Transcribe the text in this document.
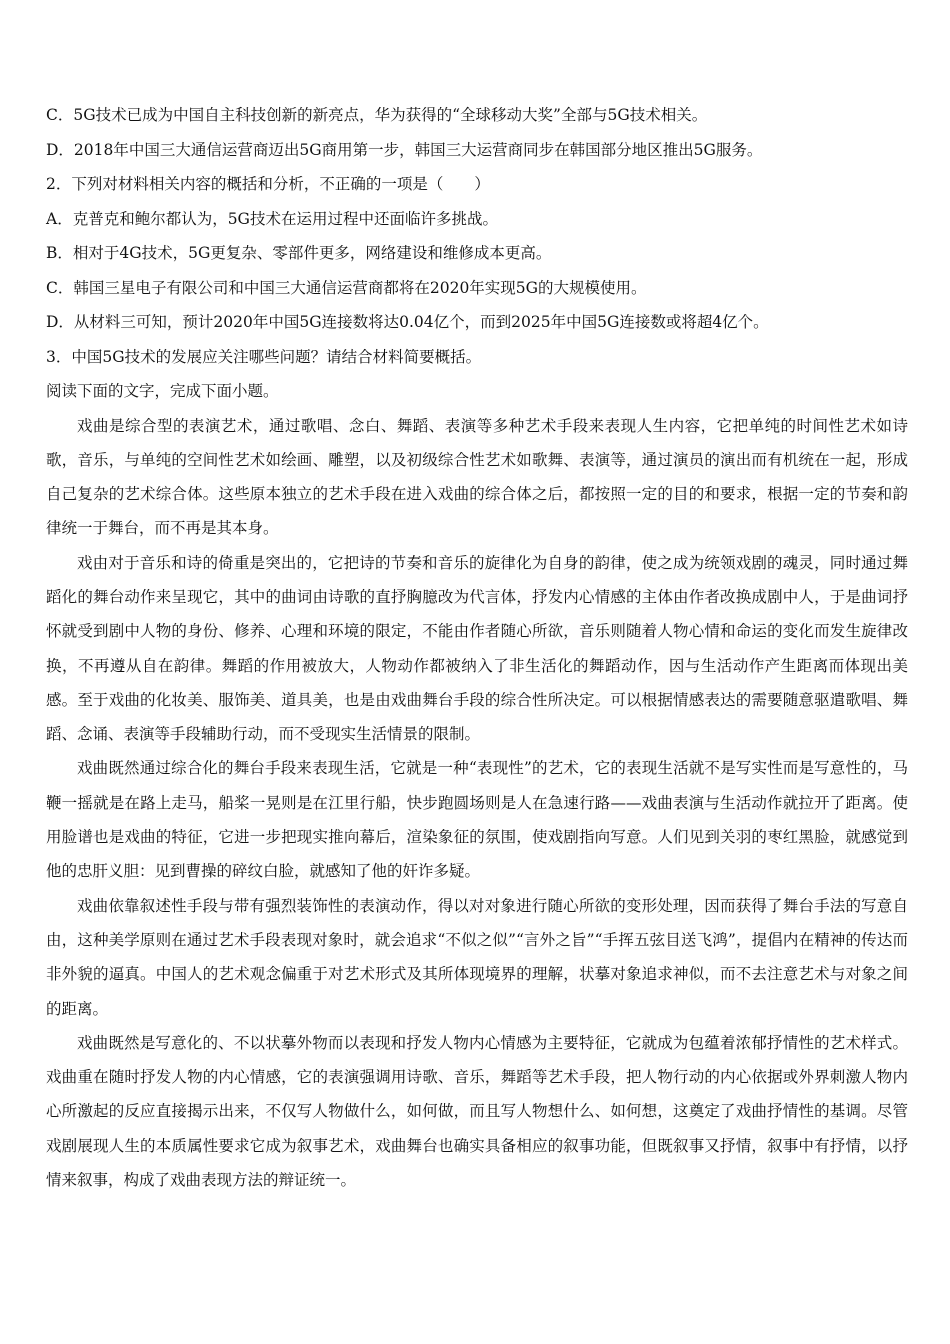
C．5G技术已成为中国自主科技创新的新亮点，华为获得的“全球移动大奖”全部与5G技术相关。

D．2018年中国三大通信运营商迈出5G商用第一步，韩国三大运营商同步在韩国部分地区推出5G服务。

2．下列对材料相关内容的概括和分析，不正确的一项是（　　）

A．克普克和鲍尔都认为，5G技术在运用过程中还面临许多挑战。

B．相对于4G技术，5G更复杂、零部件更多，网络建设和维修成本更高。

C．韩国三星电子有限公司和中国三大通信运营商都将在2020年实现5G的大规模使用。

D．从材料三可知，预计2020年中国5G连接数将达0.04亿个，而到2025年中国5G连接数或将超4亿个。

3．中国5G技术的发展应关注哪些问题？请结合材料简要概括。

阅读下面的文字，完成下面小题。

戏曲是综合型的表演艺术，通过歌唱、念白、舞蹈、表演等多种艺术手段来表现人生内容，它把单纯的时间性艺术如诗歌，音乐，与单纯的空间性艺术如绘画、雕塑，以及初级综合性艺术如歌舞、表演等，通过演员的演出而有机统在一起，形成自己复杂的艺术综合体。这些原本独立的艺术手段在进入戏曲的综合体之后，都按照一定的目的和要求，根据一定的节奏和韵律统一于舞台，而不再是其本身。

戏由对于音乐和诗的倚重是突出的，它把诗的节奏和音乐的旋律化为自身的韵律，使之成为统领戏剧的魂灵，同时通过舞蹈化的舞台动作来呈现它，其中的曲词由诗歌的直抒胸臆改为代言体，抒发内心情感的主体由作者改换成剧中人，于是曲词抒怀就受到剧中人物的身份、修养、心理和环境的限定，不能由作者随心所欲，音乐则随着人物心情和命运的变化而发生旋律改换，不再遵从自在韵律。舞蹈的作用被放大，人物动作都被纳入了非生活化的舞蹈动作，因与生活动作产生距离而体现出美感。至于戏曲的化妆美、服饰美、道具美，也是由戏曲舞台手段的综合性所决定。可以根据情感表达的需要随意驱遣歌唱、舞蹈、念诵、表演等手段辅助行动，而不受现实生活情景的限制。

戏曲既然通过综合化的舞台手段来表现生活，它就是一种“表现性”的艺术，它的表现生活就不是写实性而是写意性的，马鞭一摇就是在路上走马，船桨一晃则是在江里行船，快步跑圆场则是人在急速行路——戏曲表演与生活动作就拉开了距离。使用脸谱也是戏曲的特征，它进一步把现实推向幕后，渲染象征的氛围，使戏剧指向写意。人们见到关羽的枣红黑脸，就感觉到他的忠肝义胆：见到曹操的碎纹白脸，就感知了他的奸诈多疑。

戏曲依靠叙述性手段与带有强烈装饰性的表演动作，得以对对象进行随心所欲的变形处理，因而获得了舞台手法的写意自由，这种美学原则在通过艺术手段表现对象时，就会追求“不似之似”“言外之旨”“手挥五弦目送飞鸿”，提倡内在精神的传达而非外貌的逼真。中国人的艺术观念偏重于对艺术形式及其所体现境界的理解，状摹对象追求神似，而不去注意艺术与对象之间的距离。

戏曲既然是写意化的、不以状摹外物而以表现和抒发人物内心情感为主要特征，它就成为包蕴着浓郁抒情性的艺术样式。戏曲重在随时抒发人物的内心情感，它的表演强调用诗歌、音乐，舞蹈等艺术手段，把人物行动的内心依据或外界刺激人物内心所激起的反应直接揭示出来，不仅写人物做什么，如何做，而且写人物想什么、如何想，这奠定了戏曲抒情性的基调。尽管戏剧展现人生的本质属性要求它成为叙事艺术，戏曲舞台也确实具备相应的叙事功能，但既叙事又抒情，叙事中有抒情，以抒情来叙事，构成了戏曲表现方法的辩证统一。
